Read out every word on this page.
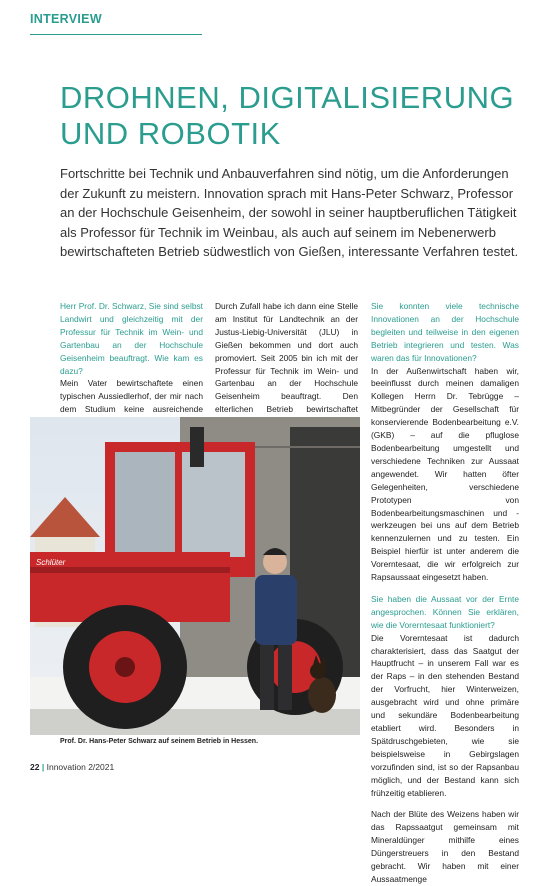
INTERVIEW
DROHNEN, DIGITALISIERUNG
UND ROBOTIK

Fortschritte bei Technik und Anbauverfahren sind nötig, um die Anforderungen der Zukunft zu meistern. Innovation sprach mit Hans-Peter Schwarz, Professor an der Hochschule Geisenheim, der sowohl in seiner hauptberuflichen Tätigkeit als Professor für Technik im Weinbau, als auch auf seinem im Nebenerwerb bewirtschafteten Betrieb südwestlich von Gießen, interessante Verfahren testet.

Herr Prof. Dr. Schwarz, Sie sind selbst Landwirt und gleichzeitig mit der Professur für Technik im Wein- und Gartenbau an der Hochschule Geisenheim beauftragt. Wie kam es dazu?

Mein Vater bewirtschaftete einen typischen Aussiedlerhof, der mir nach dem Studium keine ausreichende

Durch Zufall habe ich dann eine Stelle am Institut für Landtechnik an der Justus-Liebig-Universität (JLU) in Gießen bekommen und dort auch promoviert. Seit 2005 bin ich mit der Professur für Technik im Wein- und Gartenbau an der Hochschule Geisenheim beauftragt. Den elterlichen Betrieb bewirtschaftet

Sie konnten viele technische Innovationen an der Hochschule begleiten und teilweise in den eigenen Betrieb integrieren und testen. Was waren das für Innovationen?

In der Außenwirtschaft haben wir, beeinflusst durch meinen damaligen Kollegen Herrn Dr. Tebrügge – Mitbegründer der Gesellschaft für konservierende Bodenbearbeitung e.V. (GKB) – auf die pfluglose Bodenbearbeitung umgestellt und verschiedene Techniken zur Aussaat angewendet. Wir hatten öfter Gelegenheiten, verschiedene Prototypen von Bodenbearbeitungsmaschinen und -werkzeugen bei uns auf dem Betrieb kennenzulernen und zu testen. Ein Beispiel hierfür ist unter anderem die Vorerntesaat, die wir erfolgreich zur Rapsaussaat eingesetzt haben.

Sie haben die Aussaat vor der Ernte angesprochen. Können Sie erklären, wie die Vorerntesaat funktioniert?

Die Vorerntesaat ist dadurch charakterisiert, dass das Saatgut der Hauptfrucht – in unserem Fall war es der Raps – in den stehenden Bestand der Vorfrucht, hier Winterweizen, ausgebracht wird und ohne primäre und sekundäre Bodenbearbeitung etabliert wird. Besonders in Spätdruschgebieten, wie sie beispielsweise in Gebirgslagen vorzufinden sind, ist so der Rapsanbau möglich, und der Bestand kann sich frühzeitig etablieren.

Nach der Blüte des Weizens haben wir das Rapssaatgut gemeinsam mit Mineraldünger mithilfe eines Düngerstreuers in den Bestand gebracht. Wir haben mit einer Aussaatmenge

Schlüter
Prof. Dr. Hans-Peter Schwarz auf seinem Betrieb in Hessen.
22 | Innovation 2/2021
